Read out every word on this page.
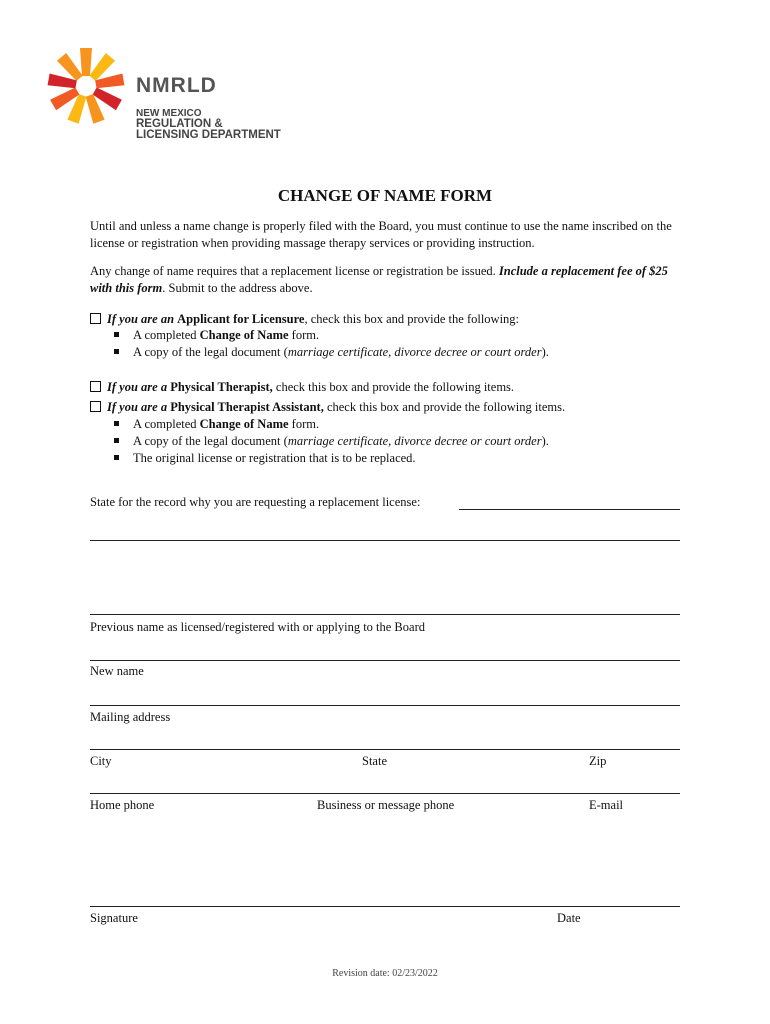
NMRLD
NEW MEXICO
REGULATION &
LICENSING DEPARTMENT
CHANGE OF NAME FORM
Until and unless a name change is properly filed with the Board, you must continue to use the name inscribed on the license or registration when providing massage therapy services or providing instruction.
Any change of name requires that a replacement license or registration be issued. Include a replacement fee of $25 with this form. Submit to the address above.
If you are an Applicant for Licensure, check this box and provide the following:
A completed Change of Name form.
A copy of the legal document (marriage certificate, divorce decree or court order).
If you are a Physical Therapist, check this box and provide the following items.
If you are a Physical Therapist Assistant, check this box and provide the following items.
A completed Change of Name form.
A copy of the legal document (marriage certificate, divorce decree or court order).
The original license or registration that is to be replaced.
State for the record why you are requesting a replacement license:
Previous name as licensed/registered with or applying to the Board
New name
Mailing address
City	State	Zip
Home phone	Business or message phone	E-mail
Signature	Date
Revision date: 02/23/2022
